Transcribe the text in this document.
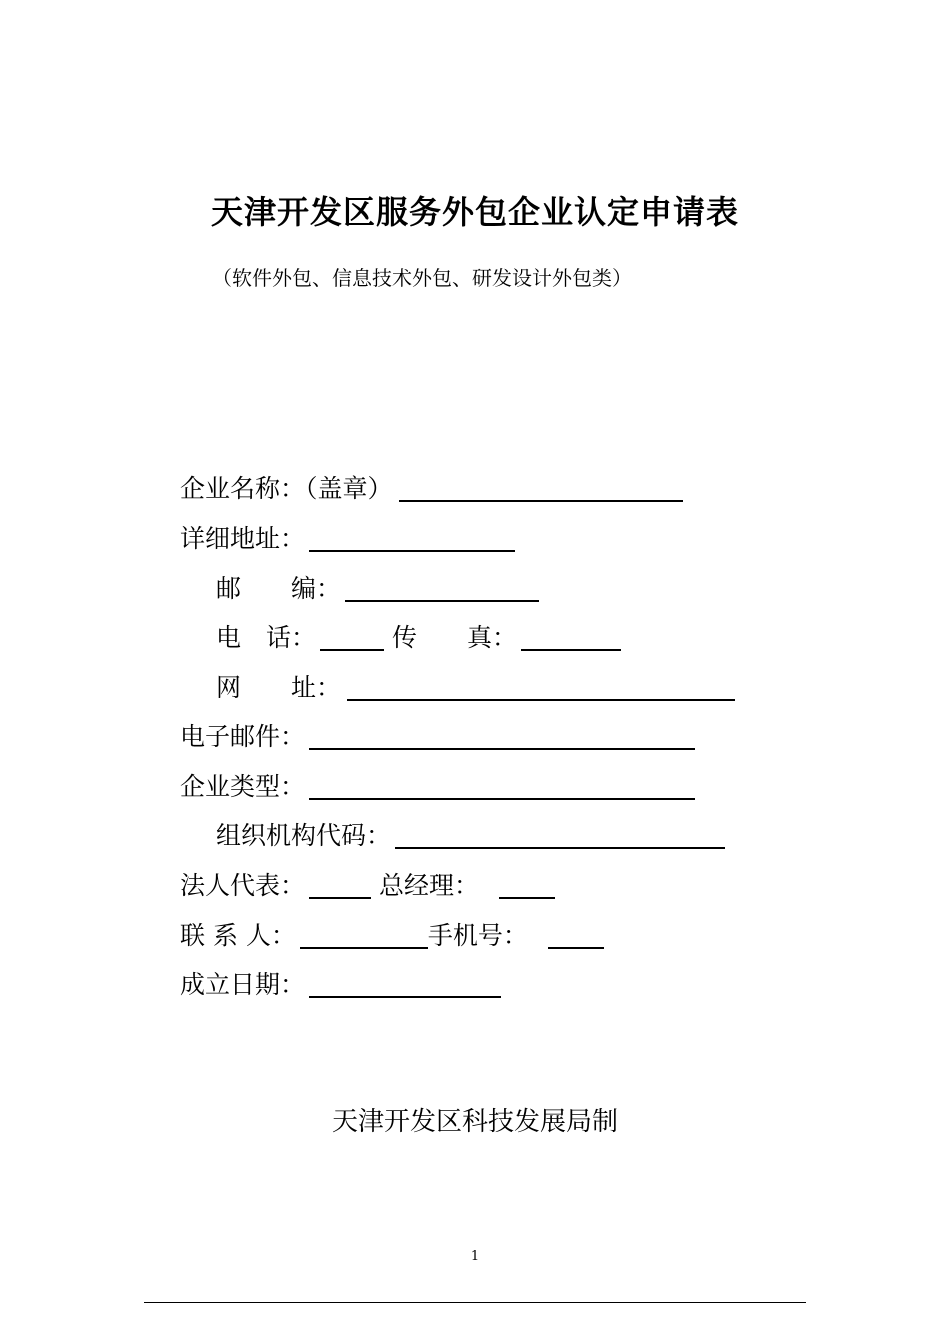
天津开发区服务外包企业认定申请表
（软件外包、信息技术外包、研发设计外包类）
企业名称：（盖章）
详细地址：
邮　　编：
电　话：	传　　真：
网　　址：
电子邮件：
企业类型：
组织机构代码：
法人代表：	总经理：
联 系 人：	手机号：
成立日期：
天津开发区科技发展局制
1
